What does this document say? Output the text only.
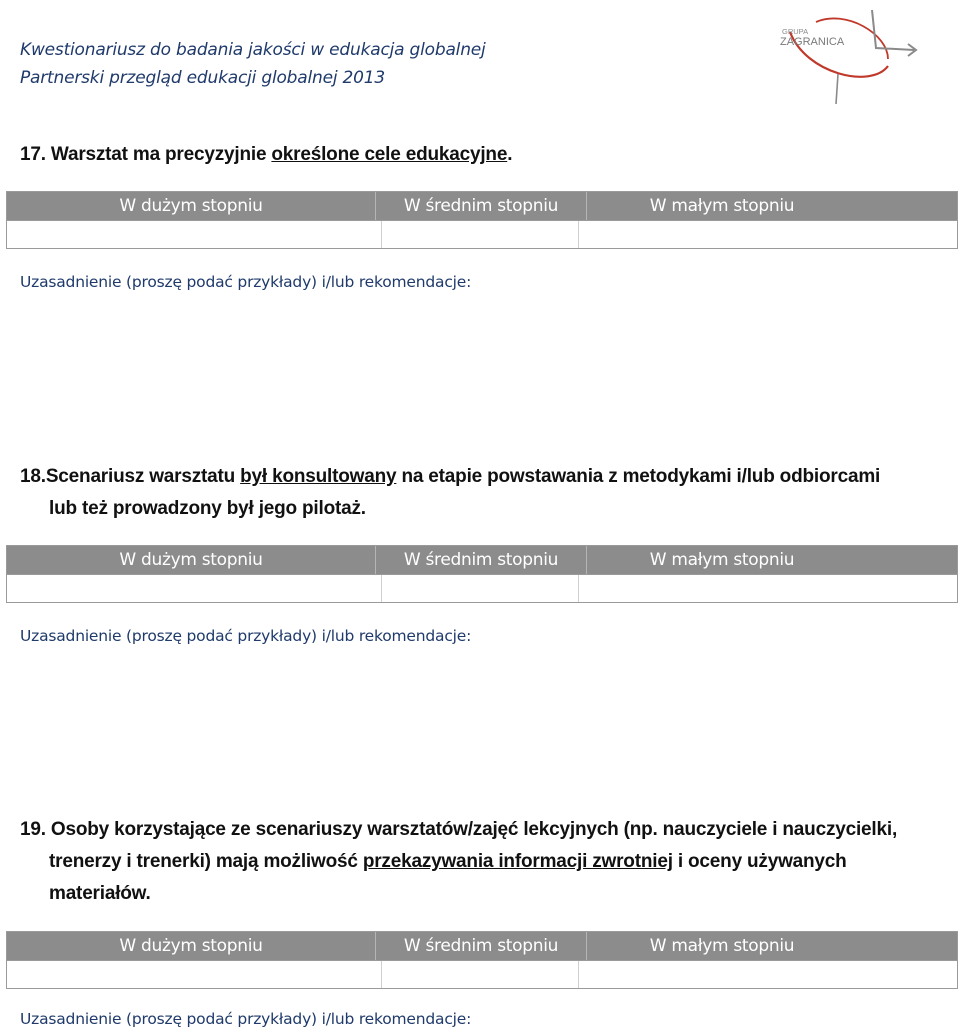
Kwestionariusz do badania jakości w edukacja globalnej
Partnerski przegląd edukacji globalnej 2013
GRUPA
ZAGRANICA
17. Warsztat ma precyzyjnie określone cele edukacyjne.
W dużym stopniu	W średnim stopniu	W małym stopniu
Uzasadnienie (proszę podać przykłady) i/lub rekomendacje:
18.Scenariusz warsztatu był konsultowany na etapie powstawania z metodykami i/lub odbiorcami
lub też prowadzony był jego pilotaż.
W dużym stopniu	W średnim stopniu	W małym stopniu
Uzasadnienie (proszę podać przykłady) i/lub rekomendacje:
19. Osoby korzystające ze scenariuszy warsztatów/zajęć lekcyjnych (np. nauczyciele i nauczycielki,
trenerzy i trenerki) mają możliwość przekazywania informacji zwrotniej i oceny używanych
materiałów.
W dużym stopniu	W średnim stopniu	W małym stopniu
Uzasadnienie (proszę podać przykłady) i/lub rekomendacje:
